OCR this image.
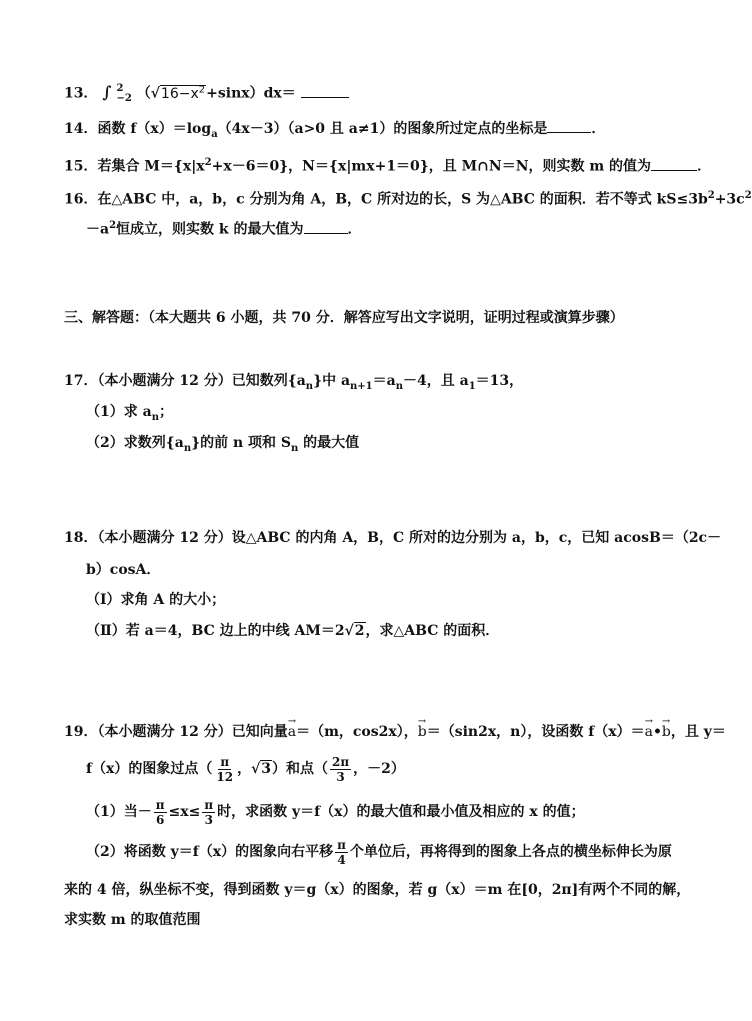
13． ∫ 2
−2 $(√16-x^2+\sin x)dx=$
14．函数 $f(x)=\log_a(4x-3)(a>0$ 且 a≠1）的图象所过定点的坐标是	．
15．若集合 $M=\{x|x^2+x-6=0\}$，N＝{x|mx+1＝0}，且 M∩N＝N，则实数 m 的值为	．
16．在△ABC 中，a，b，c 分别为角 A，B，C 所对边的长，S 为△ABC 的面积．若不等式 $kS\le 3b^2+3c^2$
$-a^2$恒成立，则实数 k 的最大值为	．
三、解答题：（本大题共 6 小题，共 70 分．解答应写出文字说明，证明过程或演算步骤）
17．（本小题满分 12 分）已知数列$\{a_n\}$中 $a_{n+1}=a_n-4$，且 $a_1=13$，
（1）求 $a_n$；
（2）求数列$\{a_n\}$的前 n 项和 $S_n$ 的最大值
18．（本小题满分 12 分）设△ABC 的内角 A，B，C 所对的边分别为 a，b，c，已知 acosB＝（2c－
b）cosA．
（Ⅰ）求角 A 的大小；
（Ⅱ）若 a＝4，BC 边上的中线 AM＝2√2，求△ABC 的面积．
19．（本小题满分 12 分）已知向量→ a＝（m，cos2x），→ b＝（sin2x，n），设函数 f（x）＝→ a•→ b，且 y＝
f（x）的图象过点（ $\frac{\pi}{12}$ ，√3）和点（ $\frac{2\pi}{3}$ ，－2）
（1）当－ $\frac{\pi}{6} \le x\le \frac{\pi}{3}$ 时，求函数 y＝f（x）的最大值和最小值及相应的 x 的值；
（2）将函数 y＝f（x）的图象向右平移 $\frac{\pi}{4}$ 个单位后，再将得到的图象上各点的横坐标伸长为原
来的 4 倍，纵坐标不变，得到函数 y＝g（x）的图象，若 g（x）＝m 在[0，2π]有两个不同的解，
求实数 m 的取值范围
